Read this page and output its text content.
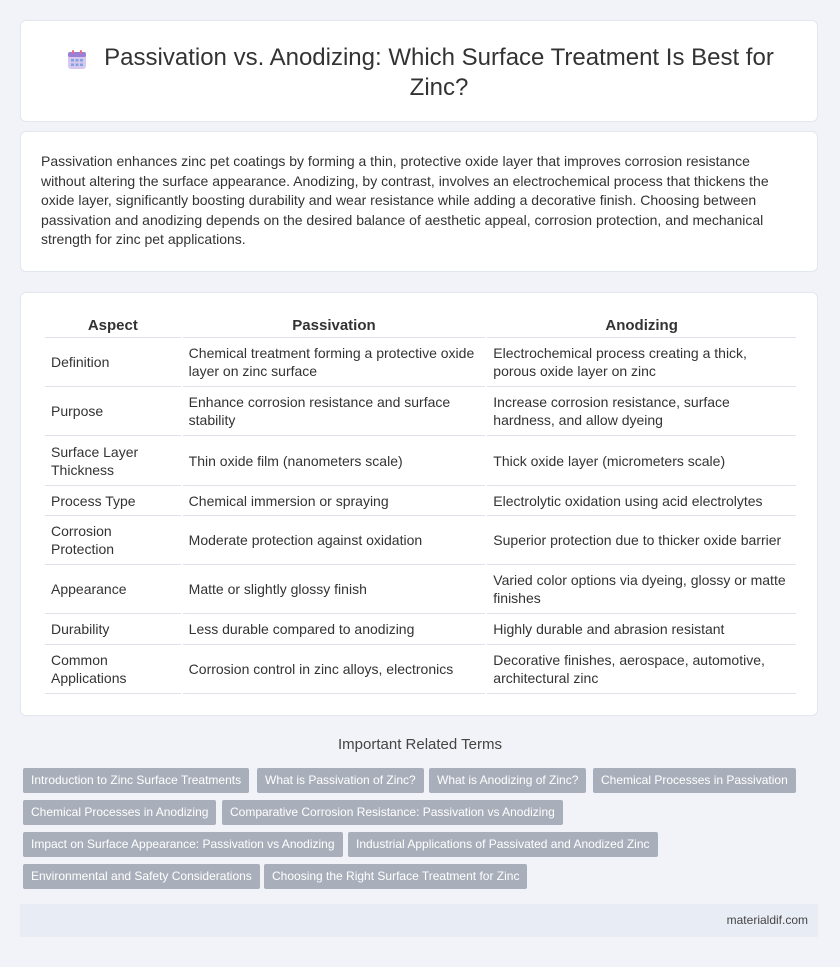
Passivation vs. Anodizing: Which Surface Treatment Is Best for Zinc?

Passivation enhances zinc pet coatings by forming a thin, protective oxide layer that improves corrosion resistance without altering the surface appearance. Anodizing, by contrast, involves an electrochemical process that thickens the oxide layer, significantly boosting durability and wear resistance while adding a decorative finish. Choosing between passivation and anodizing depends on the desired balance of aesthetic appeal, corrosion protection, and mechanical strength for zinc pet applications.

Aspect	Passivation	Anodizing
Definition	Chemical treatment forming a protective oxide layer on zinc surface	Electrochemical process creating a thick, porous oxide layer on zinc
Purpose	Enhance corrosion resistance and surface stability	Increase corrosion resistance, surface hardness, and allow dyeing
Surface Layer Thickness	Thin oxide film (nanometers scale)	Thick oxide layer (micrometers scale)
Process Type	Chemical immersion or spraying	Electrolytic oxidation using acid electrolytes
Corrosion Protection	Moderate protection against oxidation	Superior protection due to thicker oxide barrier
Appearance	Matte or slightly glossy finish	Varied color options via dyeing, glossy or matte finishes
Durability	Less durable compared to anodizing	Highly durable and abrasion resistant
Common Applications	Corrosion control in zinc alloys, electronics	Decorative finishes, aerospace, automotive, architectural zinc
Important Related Terms
Introduction to Zinc Surface Treatments	What is Passivation of Zinc?	What is Anodizing of Zinc?	Chemical Processes in Passivation
Chemical Processes in Anodizing	Comparative Corrosion Resistance: Passivation vs Anodizing
Impact on Surface Appearance: Passivation vs Anodizing	Industrial Applications of Passivated and Anodized Zinc
Environmental and Safety Considerations	Choosing the Right Surface Treatment for Zinc
materialdif.com
